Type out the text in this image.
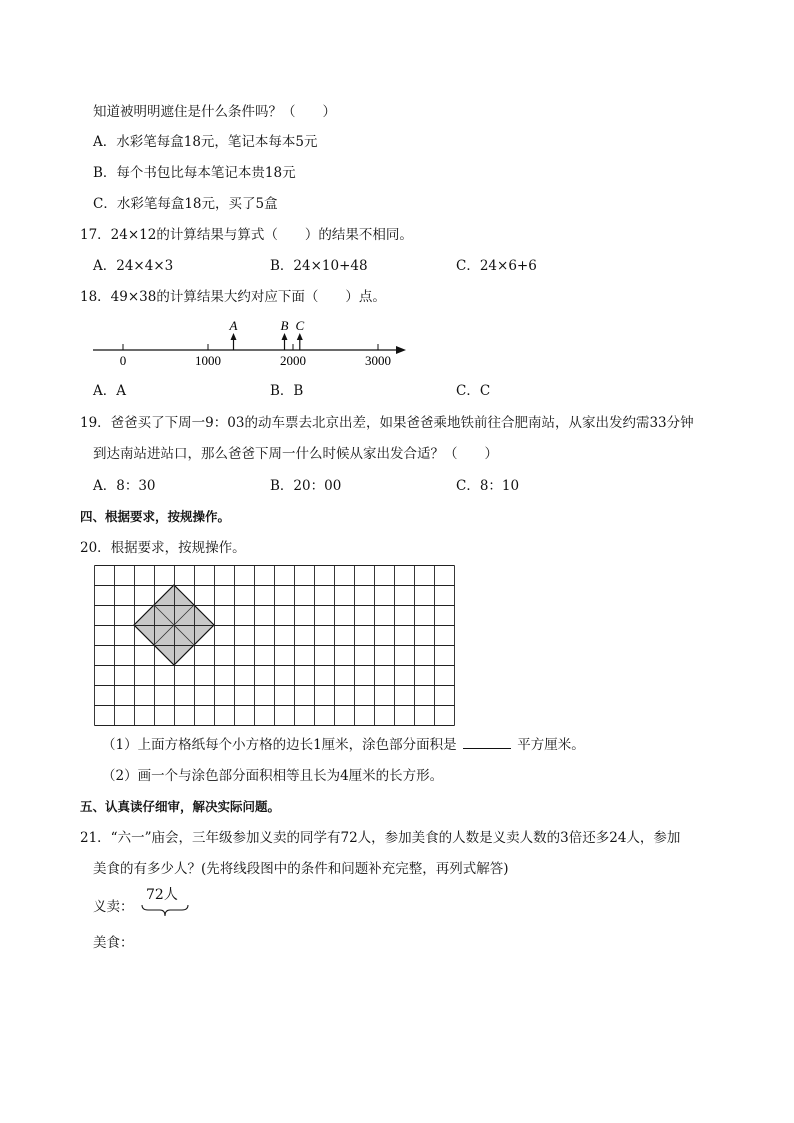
知道被明明遮住是什么条件吗？（　　）
A．水彩笔每盒18元，笔记本每本5元
B．每个书包比每本笔记本贵18元
C．水彩笔每盒18元，买了5盒
17．24×12的计算结果与算式（　　）的结果不相同。
A．24×4×3	B．24×10+48	C．24×6+6
18．49×38的计算结果大约对应下面（　　）点。
0	1000	2000	3000
A	B C
A．A	B．B	C．C
19．爸爸买了下周一9：03的动车票去北京出差，如果爸爸乘地铁前往合肥南站，从家出发约需33分钟
到达南站进站口，那么爸爸下周一什么时候从家出发合适？（　　）
A．8：30	B．20：00	C．8：10
四、根据要求，按规操作。
20．根据要求，按规操作。
（1）上面方格纸每个小方格的边长1厘米，涂色部分面积是	平方厘米。
（2）画一个与涂色部分面积相等且长为4厘米的长方形。
五、认真读仔细审，解决实际问题。
21．“六一”庙会，三年级参加义卖的同学有72人，参加美食的人数是义卖人数的3倍还多24人，参加
美食的有多少人？(先将线段图中的条件和问题补充完整，再列式解答)
义卖：
72人
美食：
